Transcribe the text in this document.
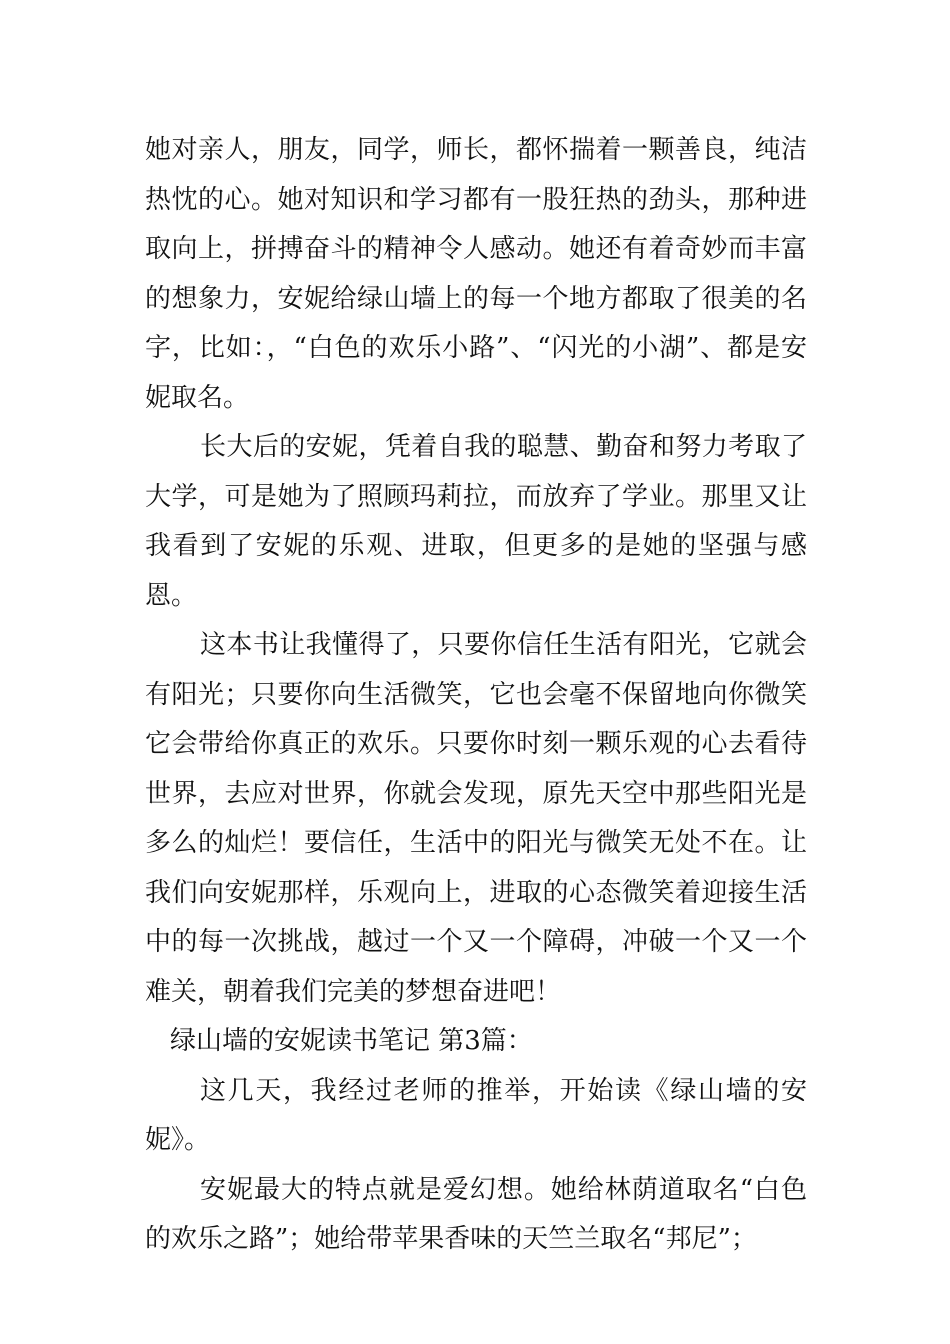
她对亲人，朋友，同学，师长，都怀揣着一颗善良，纯洁热忱的心。她对知识和学习都有一股狂热的劲头，那种进取向上，拼搏奋斗的精神令人感动。她还有着奇妙而丰富的想象力，安妮给绿山墙上的每一个地方都取了很美的名字，比如：，“白色的欢乐小路”、“闪光的小湖”、都是安妮取名。

长大后的安妮，凭着自我的聪慧、勤奋和努力考取了大学，可是她为了照顾玛莉拉，而放弃了学业。那里又让我看到了安妮的乐观、进取，但更多的是她的坚强与感恩。

这本书让我懂得了，只要你信任生活有阳光，它就会有阳光；只要你向生活微笑，它也会毫不保留地向你微笑它会带给你真正的欢乐。只要你时刻一颗乐观的心去看待世界，去应对世界，你就会发现，原先天空中那些阳光是多么的灿烂！要信任，生活中的阳光与微笑无处不在。让我们向安妮那样，乐观向上，进取的心态微笑着迎接生活中的每一次挑战，越过一个又一个障碍，冲破一个又一个难关，朝着我们完美的梦想奋进吧！

绿山墙的安妮读书笔记 第3篇：

这几天，我经过老师的推举，开始读《绿山墙的安妮》。

安妮最大的特点就是爱幻想。她给林荫道取名“白色的欢乐之路”；她给带苹果香味的天竺兰取名“邦尼”；
